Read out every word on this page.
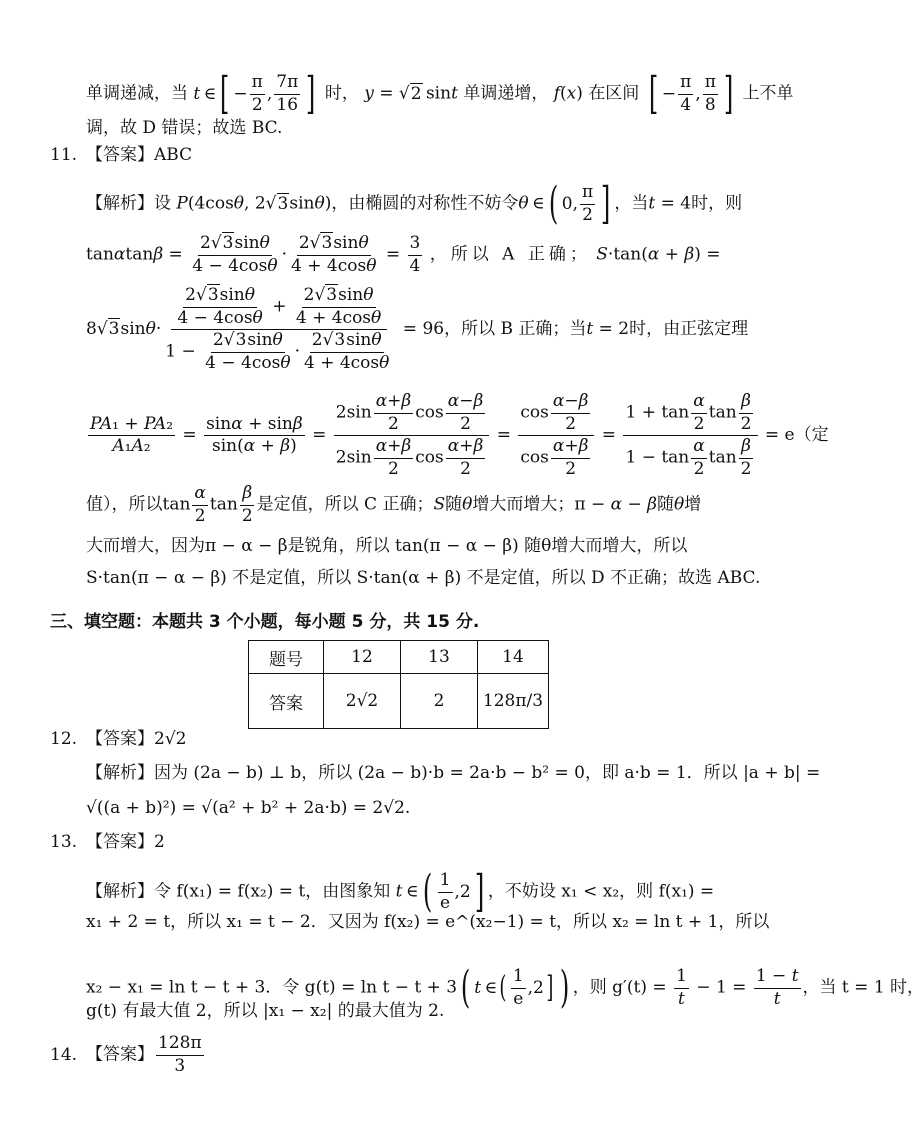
单调递减，当 t  ∈ [ − $\frac{\pi}{2}$ , $\frac{7\pi}{16}$ ] 时， y = √2 sint 单调递增， f(x) 在区间 [ − $\frac{\pi}{4}$ , $\frac{\pi}{8}$ ] 上不单
调，故 D 错误；故选 BC.
11. 【答案】ABC
【解析】设 P(4cosθ, 2√3sinθ)，由椭圆的对称性不妨令θ ∈ ( 0, $\frac{\pi}{2}$ ] ，当t = 4时，则
$\tan\alpha\tan\beta = \frac{2√3\sin\theta}{4 - 4\cos\theta} \cdot \frac{2√3\sin\theta}{4 + 4\cos\theta} = \frac{3}{4}$ ，所以 A 正确； S·tan(α + β) =
$8√3\sin\theta\cdot \frac{\frac{2√3\sin\theta}{4 - 4\cos\theta} + \frac{2√3\sin\theta}{4 + 4\cos\theta}}{1 - \frac{2√3\sin\theta}{4 - 4\cos\theta} \cdot \frac{2√3\sin\theta}{4 + 4\cos\theta}} = 96$，所以 B 正确；当t = 2时，由正弦定理
$\frac{\text{PA₁ + PA₂}}{\text{A₁A₂}} = \frac{\sin\alpha + \sin\beta}{\sin(\alpha + \beta)} = \frac{2\sin \frac{\alpha+\beta}{2} \cos \frac{\alpha-\beta}{2}}{2\sin \frac{\alpha+\beta}{2} \cos \frac{\alpha+\beta}{2}} = \frac{\cos \frac{\alpha-\beta}{2}}{\cos \frac{\alpha+\beta}{2}} = \frac{1 + \tan \frac{\alpha}{2} \tan \frac{\beta}{2}}{1 - \tan \frac{\alpha}{2} \tan \frac{\beta}{2}} = e$（定
值），所以$\tan \frac{\alpha}{2}$ $\tan \frac{\beta}{2}$ 是定值，所以 C 正确；S随θ增大而增大；π − α − β随θ增
大而增大，因为π − α − β是锐角，所以 tan(π − α − β) 随θ增大而增大，所以
S·tan(π − α − β) 不是定值，所以 S·tan(α + β) 不是定值，所以 D 不正确；故选 ABC.
三、填空题：本题共 3 个小题，每小题 5 分，共 15 分.
题号	12	13	14
答案	2√2	2	128π/3
12. 【答案】2√2
【解析】因为 (2a − b) ⊥ b，所以 (2a − b)·b = 2a·b − b² = 0，即 a·b = 1．所以 |a + b| =
√((a + b)²) = √(a² + b² + 2a·b) = 2√2.
13. 【答案】2
【解析】令 f(x₁) = f(x₂) = t，由图象知 t ∈ ( $\frac{1}{e} ,2$ ] ，不妨设 x₁ < x₂，则 f(x₁) =
x₁ + 2 = t，所以 x₁ = t − 2．又因为 f(x₂) = e^(x₂−1) = t，所以 x₂ = ln t + 1，所以
x₂ − x₁ = ln t − t + 3．令 g(t) = ln t − t + 3 ( t  ∈ ( $\frac{1}{e} ,2$ ] ) ，则 $g'(t) = \frac{1}{t} - 1 = \frac{1 - t}{t}$ ，当 t = 1 时，
g(t) 有最大值 2，所以 |x₁ − x₂| 的最大值为 2.
14. 【答案】 $\frac{128\pi}{3}$
